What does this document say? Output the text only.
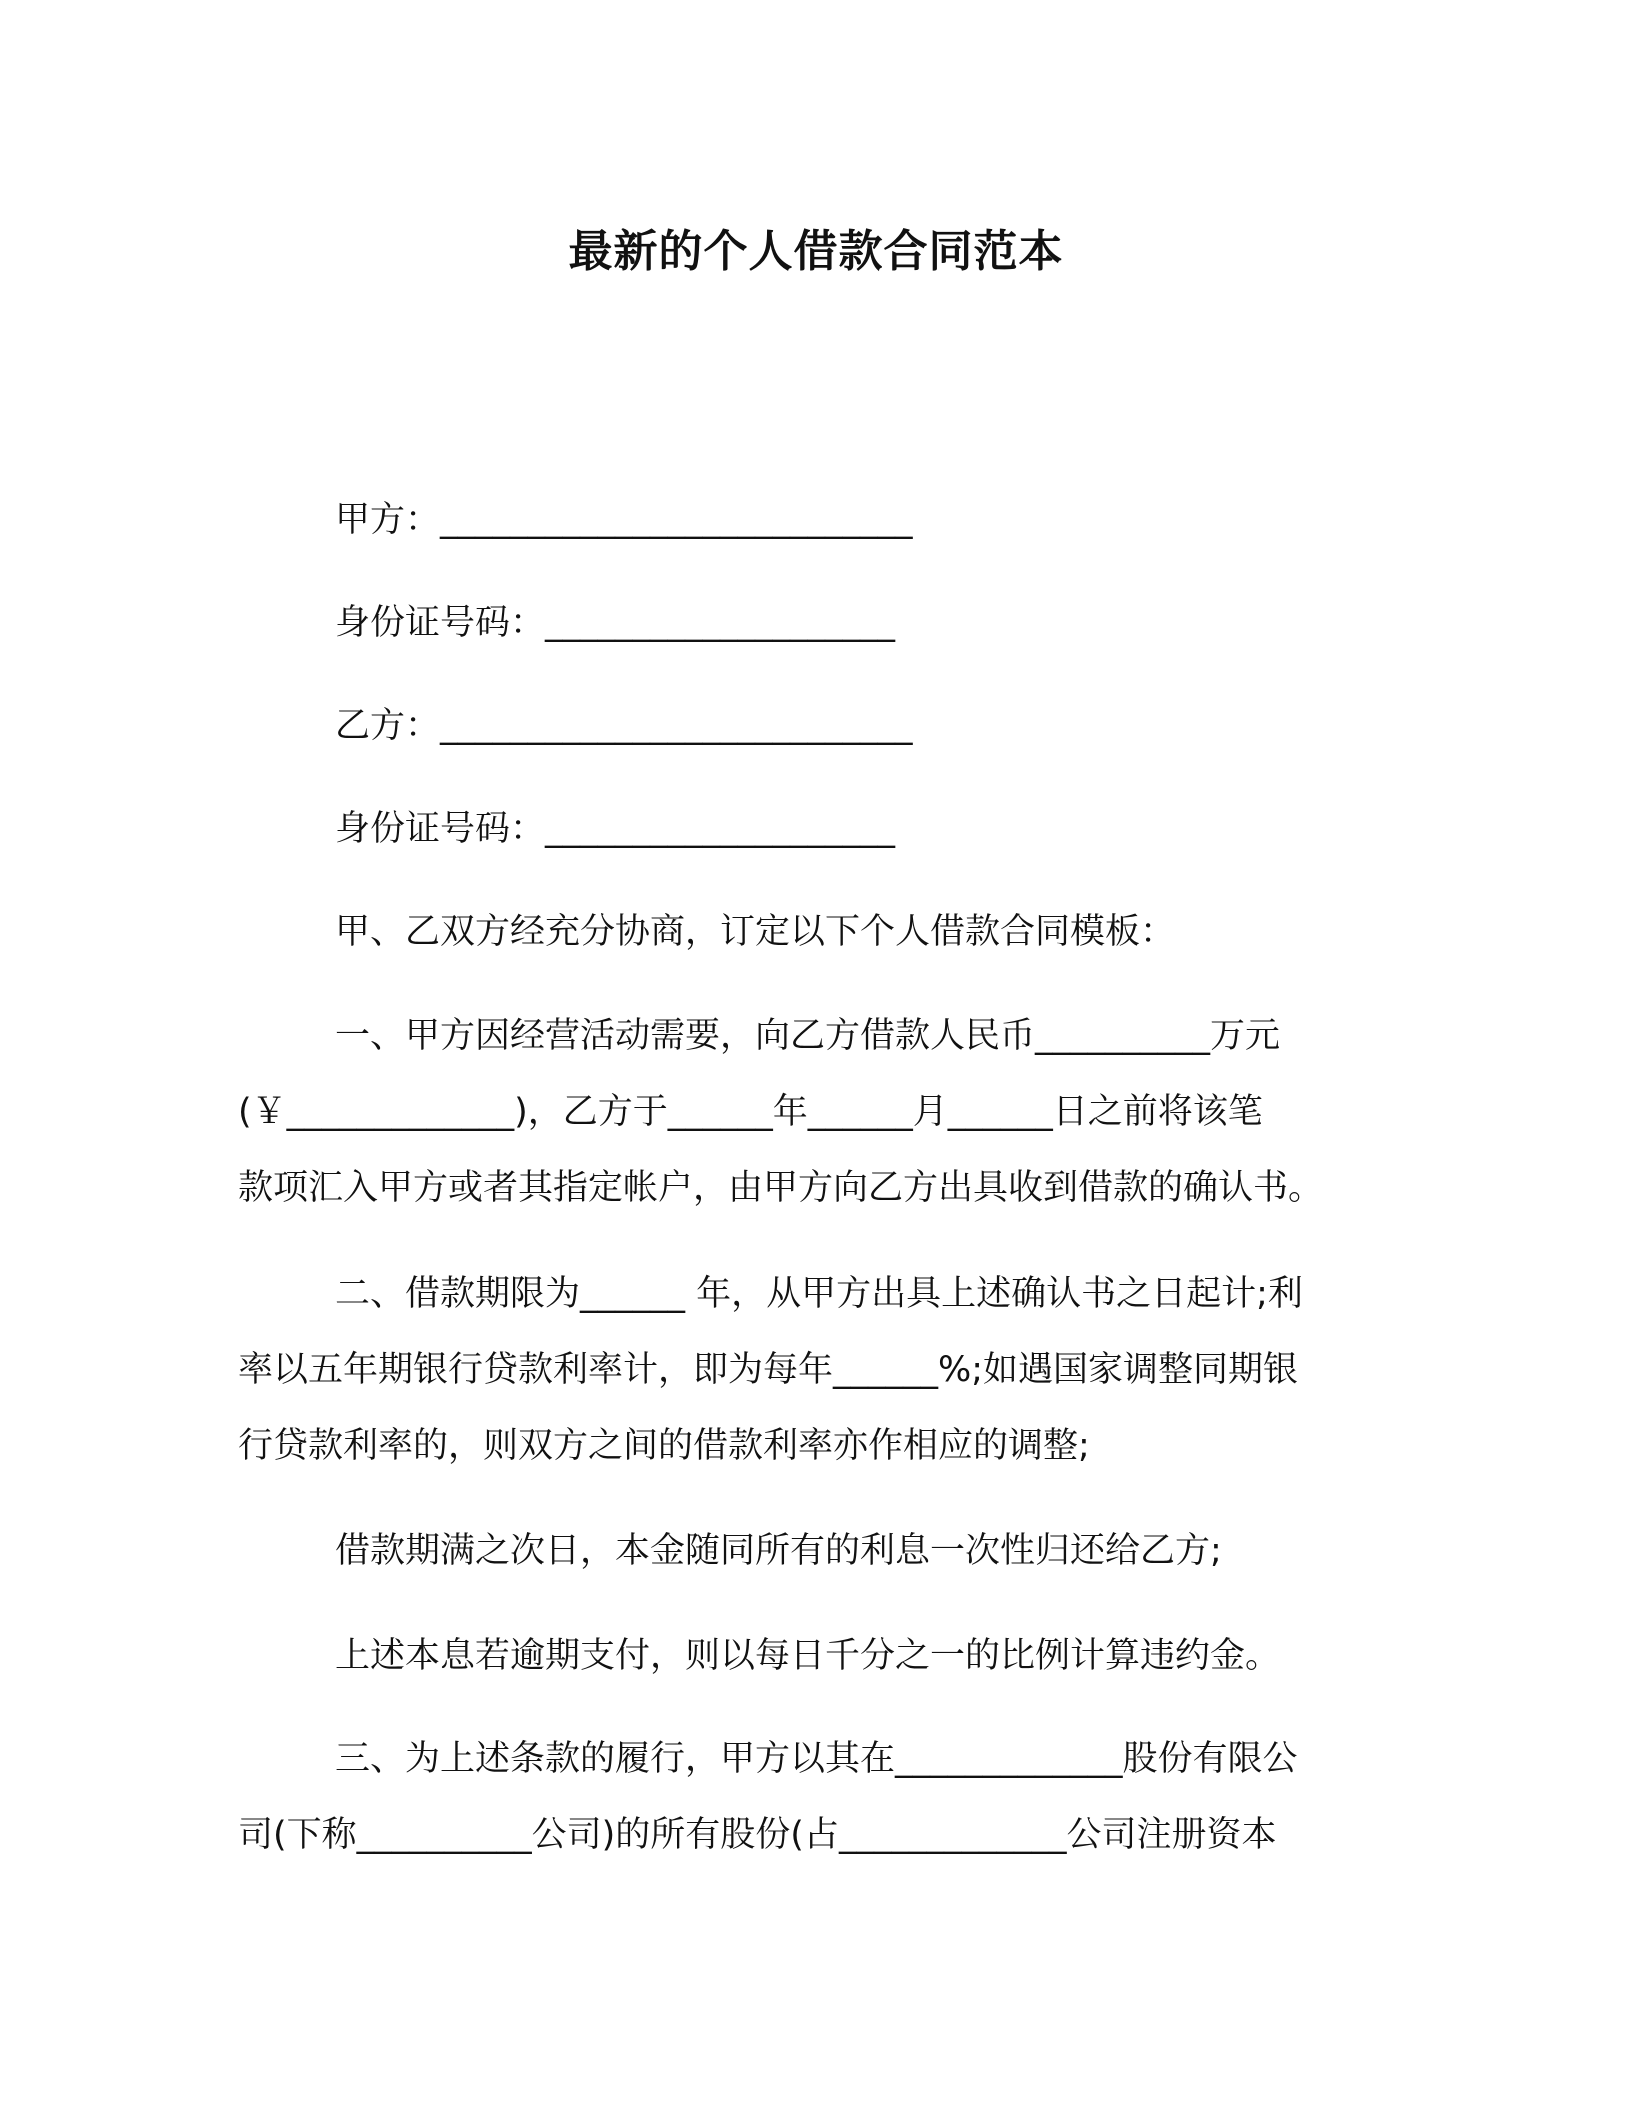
最新的个人借款合同范本
甲方：___________________________
身份证号码：____________________
乙方：___________________________
身份证号码：____________________
甲、乙双方经充分协商，订定以下个人借款合同模板：
一、甲方因经营活动需要，向乙方借款人民币__________万元
(￥_____________)，乙方于______年______月______日之前将该笔
款项汇入甲方或者其指定帐户，由甲方向乙方出具收到借款的确认书。
二、借款期限为______ 年，从甲方出具上述确认书之日起计;利
率以五年期银行贷款利率计，即为每年______%;如遇国家调整同期银
行贷款利率的，则双方之间的借款利率亦作相应的调整;
借款期满之次日，本金随同所有的利息一次性归还给乙方;
上述本息若逾期支付，则以每日千分之一的比例计算违约金。
三、为上述条款的履行，甲方以其在_____________股份有限公
司(下称__________公司)的所有股份(占_____________公司注册资本
